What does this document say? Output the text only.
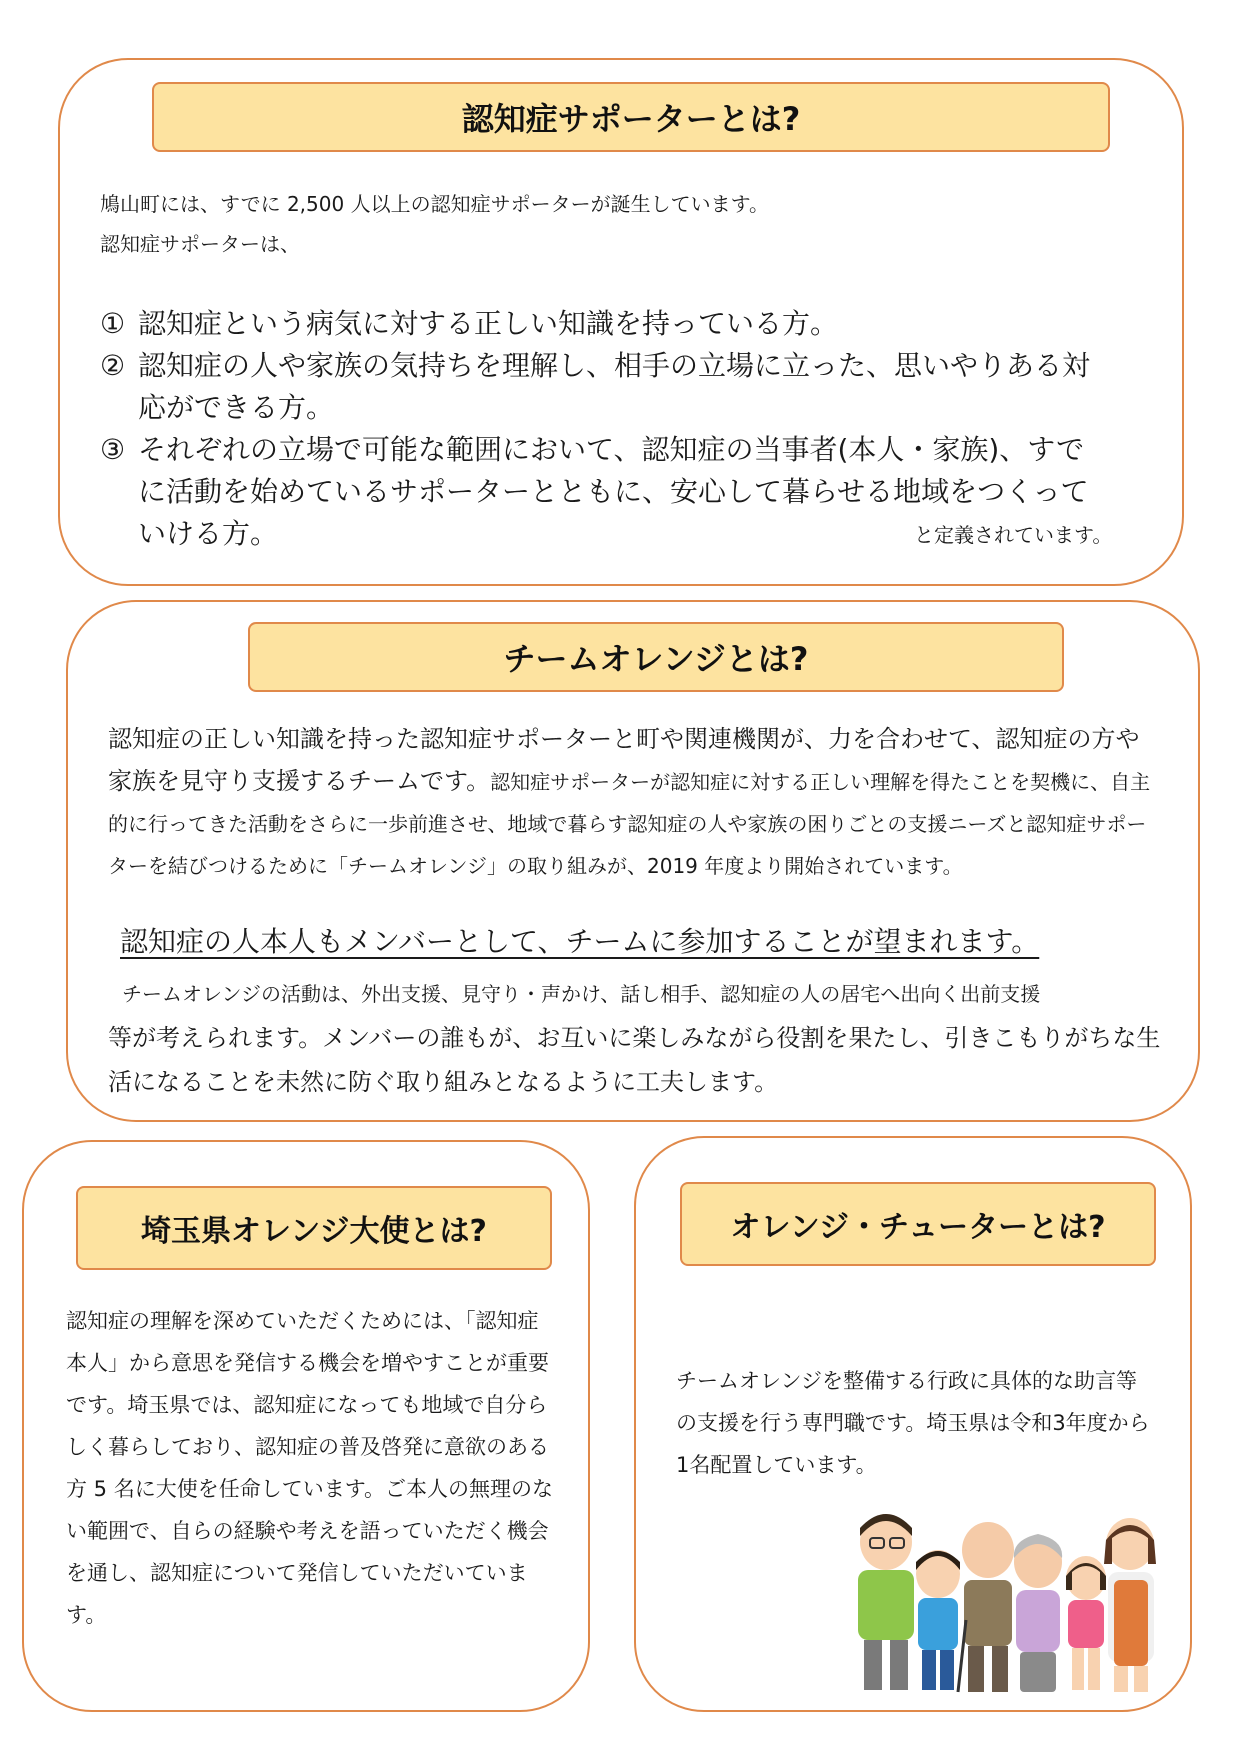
認知症サポーターとは?

鳩山町には、すでに 2,500 人以上の認知症サポーターが誕生しています。

認知症サポーターは、

① 認知症という病気に対する正しい知識を持っている方。
② 認知症の人や家族の気持ちを理解し、相手の立場に立った、思いやりある対応ができる方。
③ それぞれの立場で可能な範囲において、認知症の当事者(本人・家族)、すでに活動を始めているサポーターとともに、安心して暮らせる地域をつくっていける方。	と定義されています。

チームオレンジとは?
認知症の正しい知識を持った認知症サポーターと町や関連機関が、力を合わせて、認知症の方や家族を見守り支援するチームです。認知症サポーターが認知症に対する正しい理解を得たことを契機に、自主的に行ってきた活動をさらに一歩前進させ、地域で暮らす認知症の人や家族の困りごとの支援ニーズと認知症サポーターを結びつけるために「チームオレンジ」の取り組みが、2019 年度より開始されています。

認知症の人本人もメンバーとして、チームに参加することが望まれます。

チームオレンジの活動は、外出支援、見守り・声かけ、話し相手、認知症の人の居宅へ出向く出前支援
等が考えられます。メンバーの誰もが、お互いに楽しみながら役割を果たし、引きこもりがちな生活になることを未然に防ぐ取り組みとなるように工夫します。
埼玉県オレンジ大使とは?

認知症の理解を深めていただくためには、「認知症本人」から意思を発信する機会を増やすことが重要です。埼玉県では、認知症になっても地域で自分らしく暮らしており、認知症の普及啓発に意欲のある方 5 名に大使を任命しています。ご本人の無理のない範囲で、自らの経験や考えを語っていただく機会を通し、認知症について発信していただいています。

オレンジ・チューターとは?

チームオレンジを整備する行政に具体的な助言等の支援を行う専門職です。埼玉県は令和3年度から1名配置しています。
